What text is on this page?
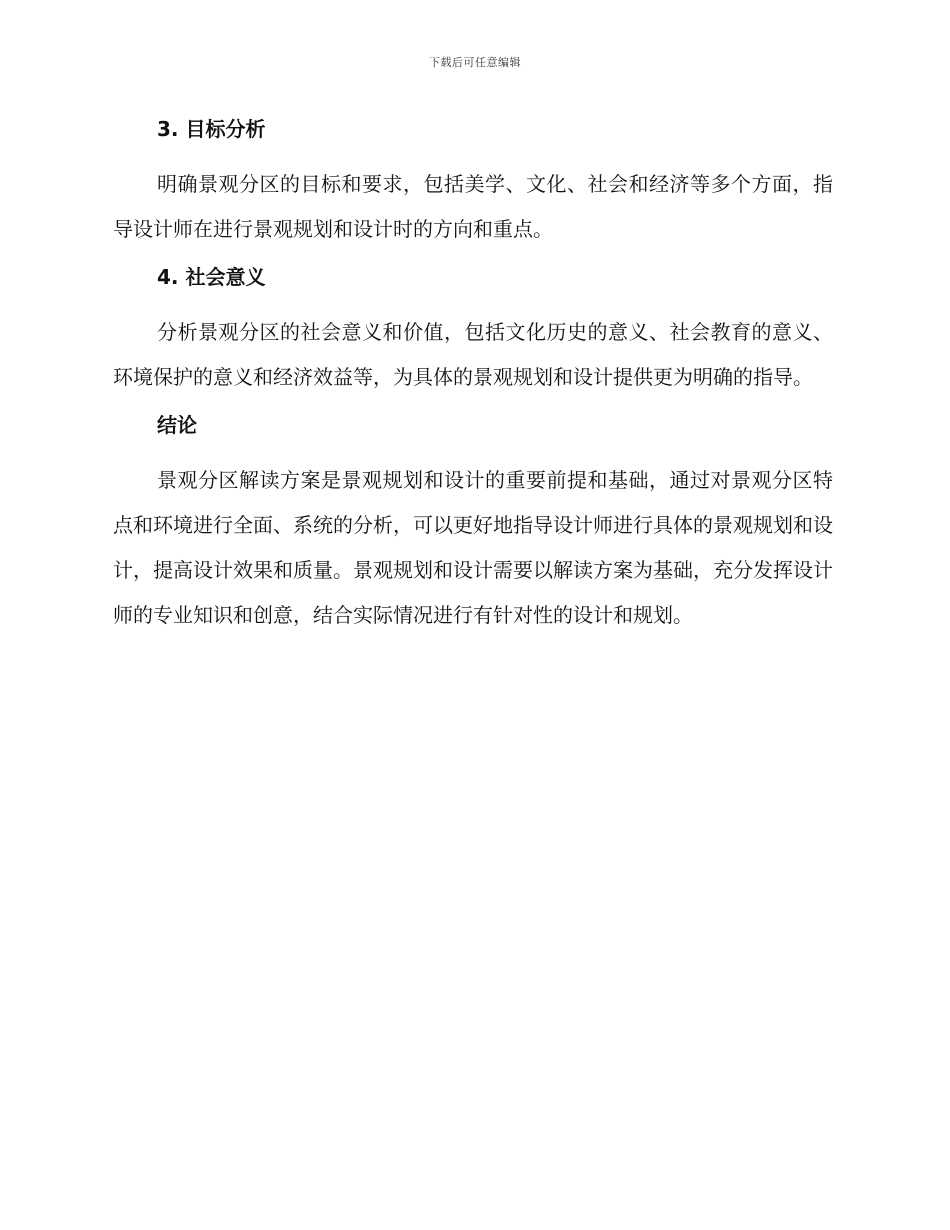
下载后可任意编辑
3. 目标分析

明确景观分区的目标和要求，包括美学、文化、社会和经济等多个方面，指导设计师在进行景观规划和设计时的方向和重点。

4. 社会意义

分析景观分区的社会意义和价值，包括文化历史的意义、社会教育的意义、环境保护的意义和经济效益等，为具体的景观规划和设计提供更为明确的指导。

结论

景观分区解读方案是景观规划和设计的重要前提和基础，通过对景观分区特点和环境进行全面、系统的分析，可以更好地指导设计师进行具体的景观规划和设计，提高设计效果和质量。景观规划和设计需要以解读方案为基础，充分发挥设计师的专业知识和创意，结合实际情况进行有针对性的设计和规划。
